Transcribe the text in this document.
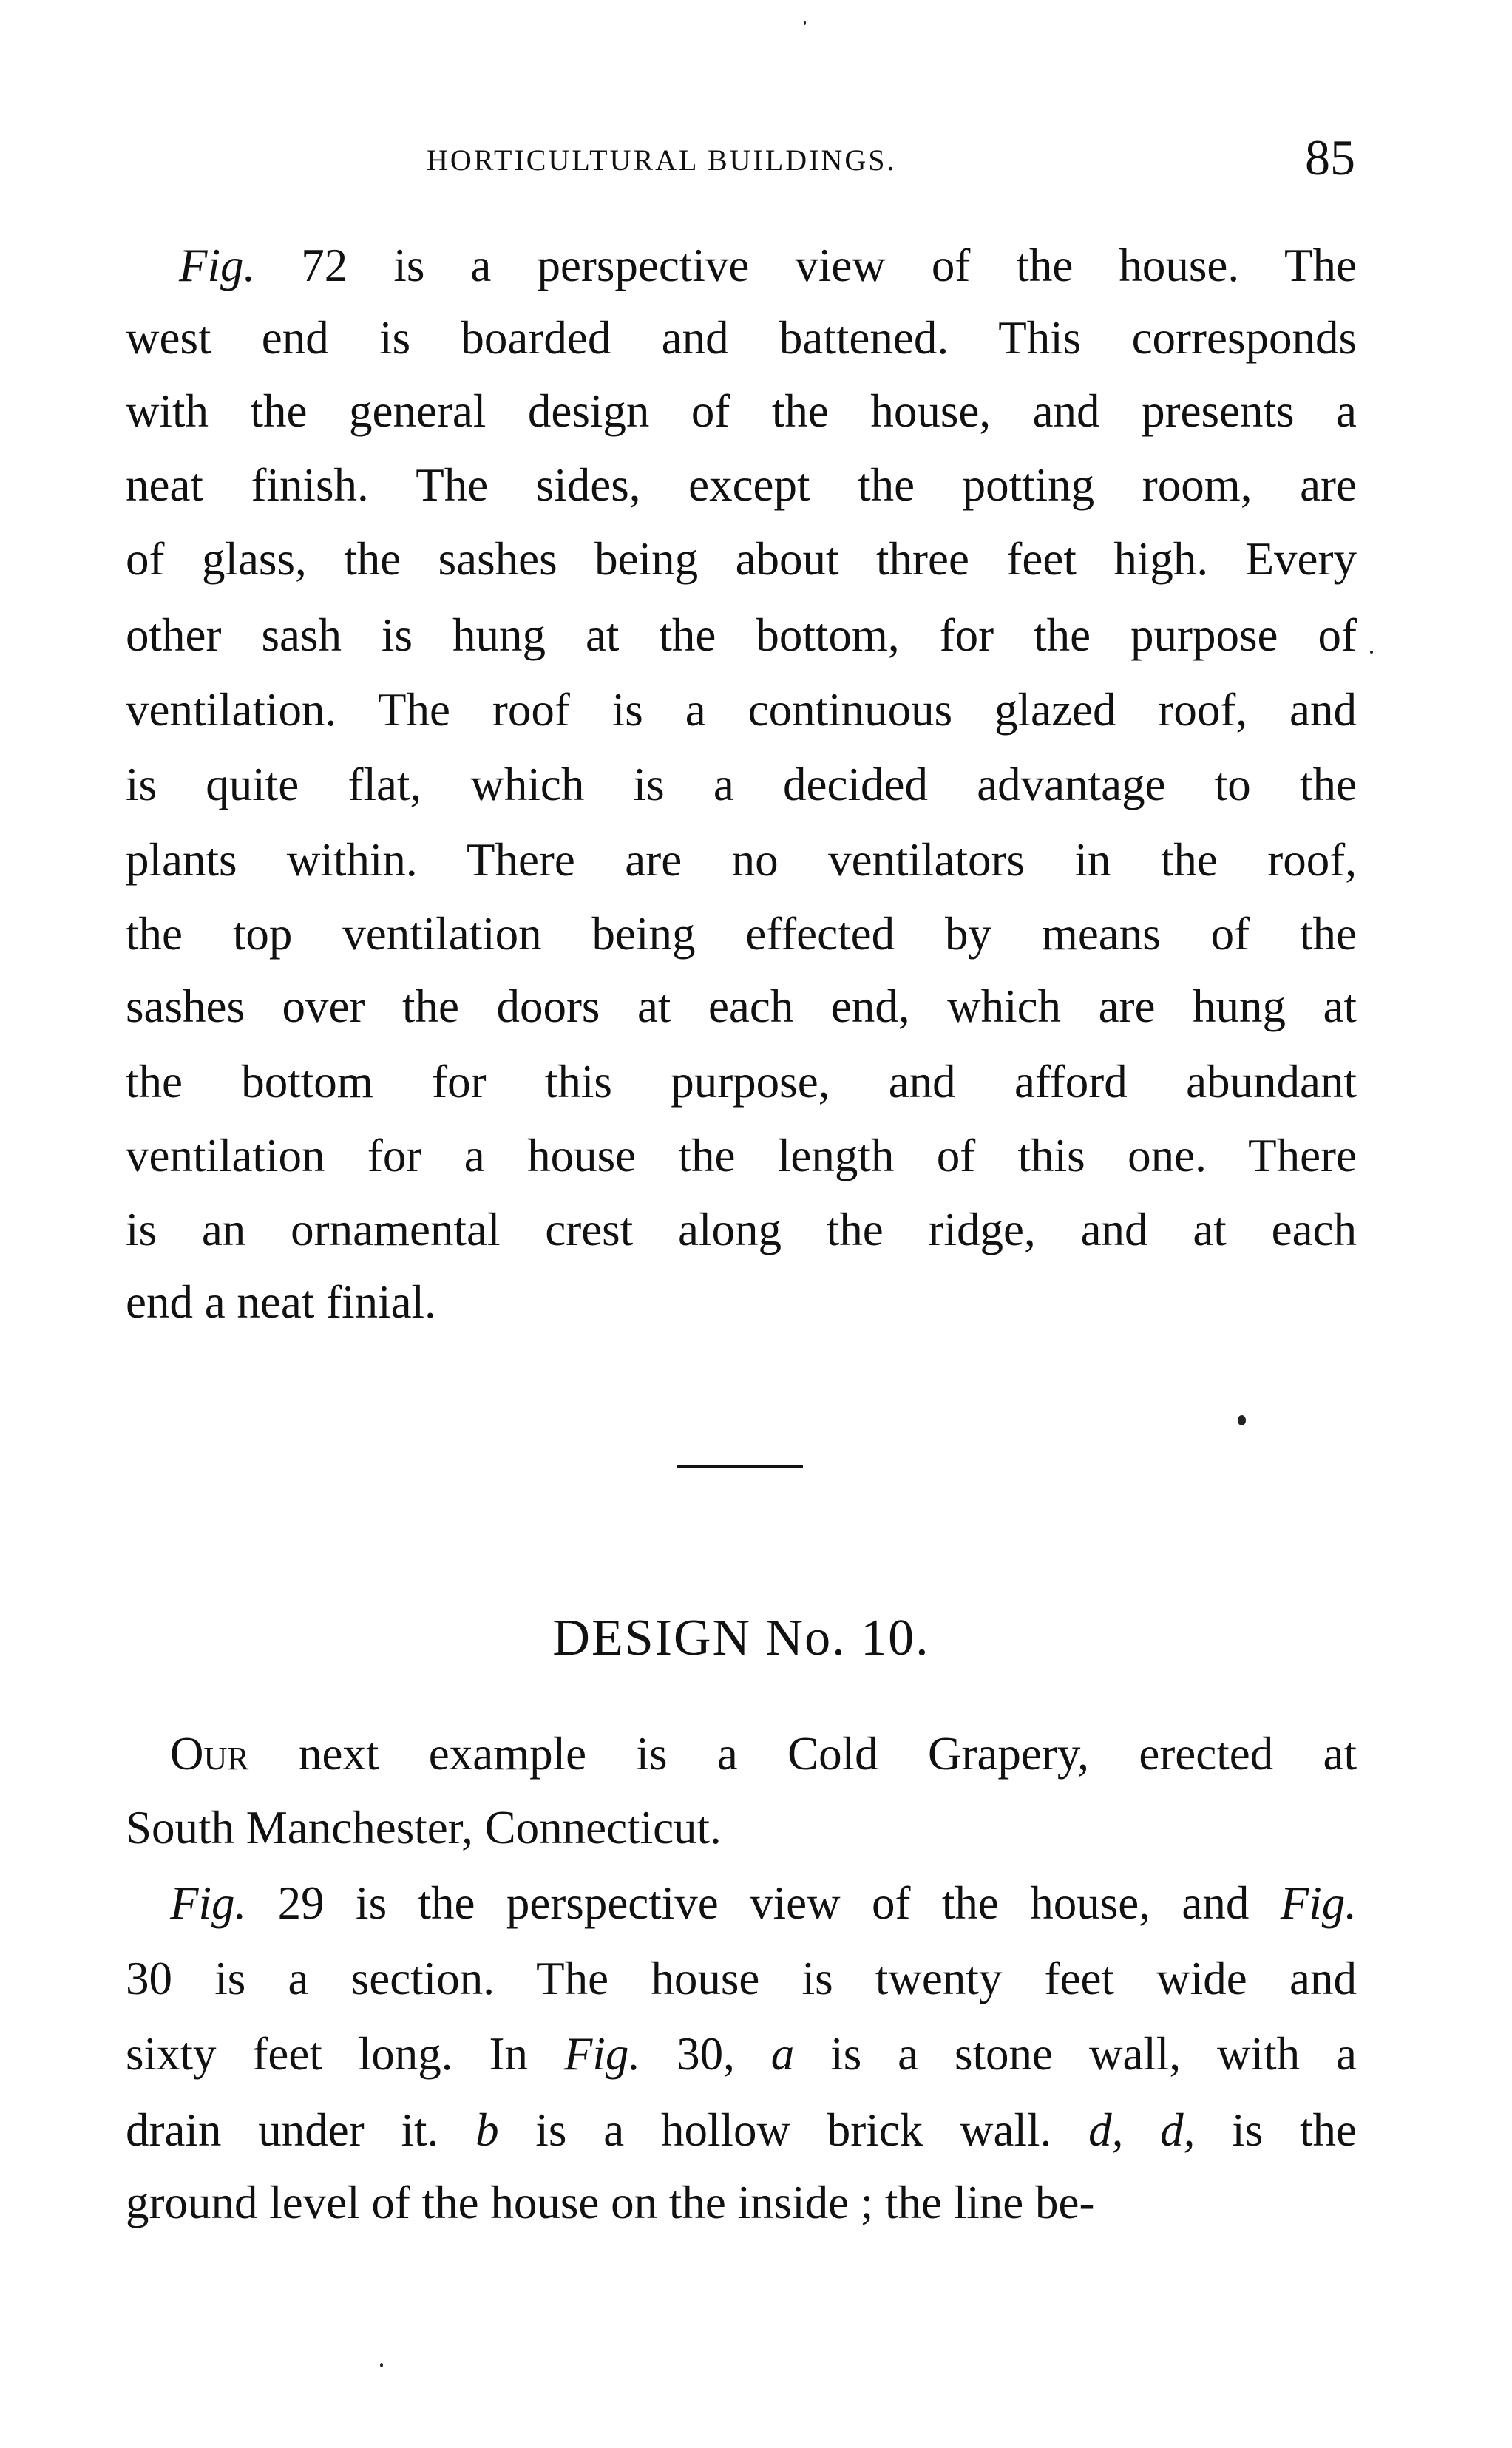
HORTICULTURAL BUILDINGS.	85
Fig. 72 is a perspective view of the house. The
west end is boarded and battened. This corresponds
with the general design of the house, and presents a
neat finish. The sides, except the potting room, are
of glass, the sashes being about three feet high. Every
other sash is hung at the bottom, for the purpose of
ventilation. The roof is a continuous glazed roof, and
is quite flat, which is a decided advantage to the
plants within. There are no ventilators in the roof,
the top ventilation being effected by means of the
sashes over the doors at each end, which are hung at
the bottom for this purpose, and afford abundant
ventilation for a house the length of this one. There
is an ornamental crest along the ridge, and at each
end a neat finial.
DESIGN No. 10.
Our next example is a Cold Grapery, erected at
South Manchester, Connecticut.
Fig. 29 is the perspective view of the house, and Fig.
30 is a section. The house is twenty feet wide and
sixty feet long. In Fig. 30, a is a stone wall, with a
drain under it. b is a hollow brick wall. d, d, is the
ground level of the house on the inside ; the line be-
